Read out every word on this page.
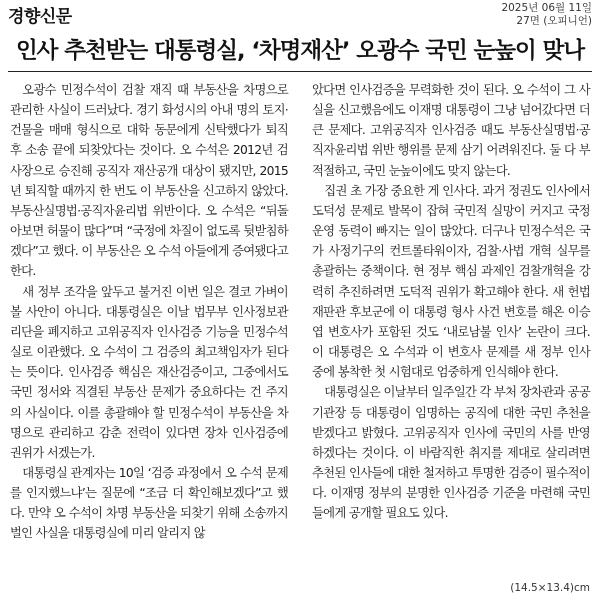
경향신문	2025년 06월 11일
27면 (오피니언)
인사 추천받는 대통령실, ‘차명재산’ 오광수 국민 눈높이 맞나

오광수 민정수석이 검찰 재직 때 부동산을 차명으로 관리한 사실이 드러났다. 경기 화성시의 아내 명의 토지·건물을 매매 형식으로 대학 동문에게 신탁했다가 퇴직 후 소송 끝에 되찾았다는 것이다. 오 수석은 2012년 검사장으로 승진해 공직자 재산공개 대상이 됐지만, 2015년 퇴직할 때까지 한 번도 이 부동산을 신고하지 않았다. 부동산실명법·공직자윤리법 위반이다. 오 수석은 “뒤돌아보면 허물이 많다”며 “국정에 차질이 없도록 뒷받침하겠다”고 했다. 이 부동산은 오 수석 아들에게 증여됐다고 한다.

새 정부 조각을 앞두고 불거진 이번 일은 결코 가벼이 볼 사안이 아니다. 대통령실은 이날 법무부 인사정보관리단을 폐지하고 고위공직자 인사검증 기능을 민정수석실로 이관했다. 오 수석이 그 검증의 최고책임자가 된다는 뜻이다. 인사검증 핵심은 재산검증이고, 그중에서도 국민 정서와 직결된 부동산 문제가 중요하다는 건 주지의 사실이다. 이를 총괄해야 할 민정수석이 부동산을 차명으로 관리하고 감춘 전력이 있다면 장차 인사검증에 권위가 서겠는가.

대통령실 관계자는 10일 ‘검증 과정에서 오 수석 문제를 인지했느냐’는 질문에 “조금 더 확인해보겠다”고 했다. 만약 오 수석이 차명 부동산을 되찾기 위해 소송까지 벌인 사실을 대통령실에 미리 알리지 않

았다면 인사검증을 무력화한 것이 된다. 오 수석이 그 사실을 신고했음에도 이재명 대통령이 그냥 넘어갔다면 더 큰 문제다. 고위공직자 인사검증 때도 부동산실명법·공직자윤리법 위반 행위를 문제 삼기 어려워진다. 둘 다 부적절하고, 국민 눈높이에도 맞지 않는다.

집권 초 가장 중요한 게 인사다. 과거 정권도 인사에서 도덕성 문제로 발목이 잡혀 국민적 실망이 커지고 국정운영 동력이 빠지는 일이 많았다. 더구나 민정수석은 국가 사정기구의 컨트롤타워이자, 검찰·사법 개혁 실무를 총괄하는 중책이다. 현 정부 핵심 과제인 검찰개혁을 강력히 추진하려면 도덕적 권위가 확고해야 한다. 새 헌법재판관 후보군에 이 대통령 형사 사건 변호를 해온 이승엽 변호사가 포함된 것도 ‘내로남불 인사’ 논란이 크다. 이 대통령은 오 수석과 이 변호사 문제를 새 정부 인사 중에 봉착한 첫 시험대로 엄중하게 인식해야 한다.

대통령실은 이날부터 일주일간 각 부처 장차관과 공공기관장 등 대통령이 임명하는 공직에 대한 국민 추천을 받겠다고 밝혔다. 고위공직자 인사에 국민의 사를 반영하겠다는 것이다. 이 바람직한 취지를 제대로 살리려면 추천된 인사들에 대한 철저하고 투명한 검증이 필수적이다. 이재명 정부의 분명한 인사검증 기준을 마련해 국민들에게 공개할 필요도 있다.

(14.5×13.4)cm
